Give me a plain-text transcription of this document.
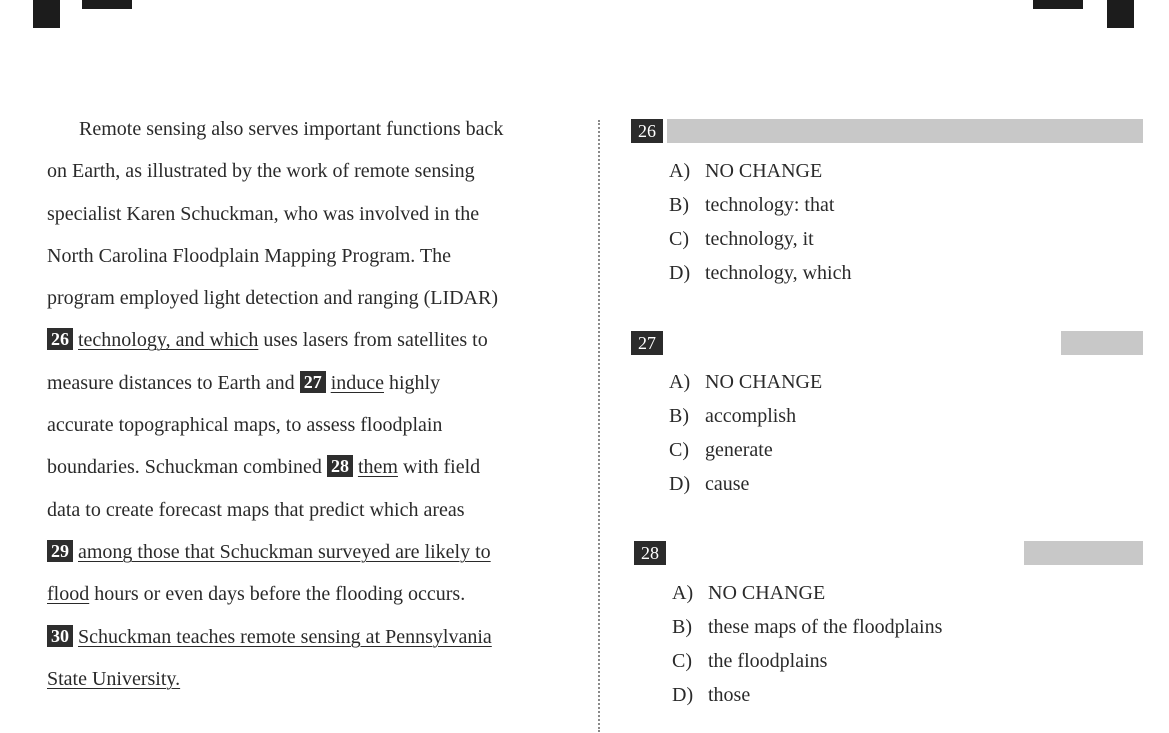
Remote sensing also serves important functions back
on Earth, as illustrated by the work of remote sensing
specialist Karen Schuckman, who was involved in the
North Carolina Floodplain Mapping Program. The
program employed light detection and ranging (LIDAR)
26 technology, and which uses lasers from satellites to
measure distances to Earth and 27 induce highly
accurate topographical maps, to assess floodplain
boundaries. Schuckman combined 28 them with field
data to create forecast maps that predict which areas
29 among those that Schuckman surveyed are likely to
flood hours or even days before the flooding occurs.
30 Schuckman teaches remote sensing at Pennsylvania
State University.
26
A) NO CHANGE
B) technology: that
C) technology, it
D) technology, which
27
A) NO CHANGE
B) accomplish
C) generate
D) cause
28
A) NO CHANGE
B) these maps of the floodplains
C) the floodplains
D) those
